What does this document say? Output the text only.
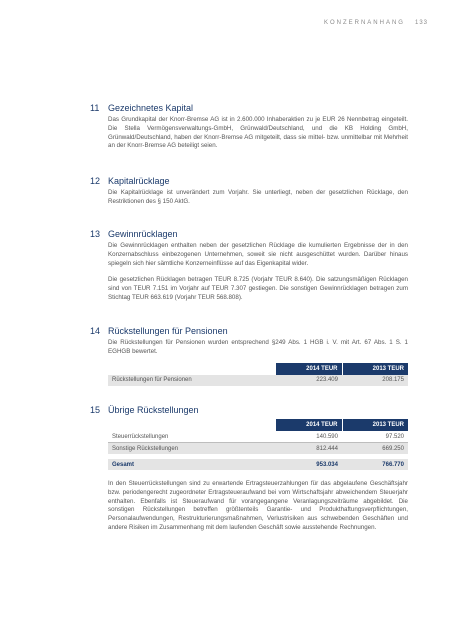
KONZERNANHANG 133
11 Gezeichnetes Kapital

Das Grundkapital der Knorr-Bremse AG ist in 2.600.000 Inhaberaktien zu je EUR 26 Nennbetrag eingeteilt. Die Stella Vermögensverwaltungs-GmbH, Grünwald/Deutschland, und die KB Holding GmbH, Grünwald/Deutschland, haben der Knorr-Bremse AG mitgeteilt, dass sie mittel- bzw. unmittelbar mit Mehrheit an der Knorr-Bremse AG beteiligt seien.

12 Kapitalrücklage

Die Kapitalrücklage ist unverändert zum Vorjahr. Sie unterliegt, neben der gesetzlichen Rücklage, den Restriktionen des § 150 AktG.

13 Gewinnrücklagen

Die Gewinnrücklagen enthalten neben der gesetzlichen Rücklage die kumulierten Ergebnisse der in den Konzernabschluss einbezogenen Unternehmen, soweit sie nicht ausgeschüttet wurden. Darüber hinaus spiegeln sich hier sämtliche Konzerneinflüsse auf das Eigenkapital wider.

Die gesetzlichen Rücklagen betragen TEUR 8.725 (Vorjahr TEUR 8.640). Die satzungsmäßigen Rücklagen sind von TEUR 7.151 im Vorjahr auf TEUR 7.307 gestiegen. Die sonstigen Gewinnrücklagen betragen zum Stichtag TEUR 663.619 (Vorjahr TEUR 568.808).

14 Rückstellungen für Pensionen

Die Rückstellungen für Pensionen wurden entsprechend §249 Abs. 1 HGB i. V. mit Art. 67 Abs. 1 S. 1 EGHGB bewertet.

	2014 TEUR	2013 TEUR
Rückstellungen für Pensionen	223.409	208.175
15 Übrige Rückstellungen
	2014 TEUR	2013 TEUR
Steuerrückstellungen	140.590	97.520
Sonstige Rückstellungen	812.444	669.250

Gesamt	953.034	766.770

In den Steuerrückstellungen sind zu erwartende Ertragsteuerzahlungen für das abgelaufene Geschäftsjahr bzw. periodengerecht zugeordneter Ertragsteueraufwand bei vom Wirtschaftsjahr abweichendem Steuerjahr enthalten. Ebenfalls ist Steueraufwand für vorangegangene Veranlagungszeiträume abgebildet. Die sonstigen Rückstellungen betreffen größtenteils Garantie- und Produkthaftungsverpflichtungen, Personalaufwendungen, Restrukturierungsmaßnahmen, Verlustrisiken aus schwebenden Geschäften und andere Risiken im Zusammenhang mit dem laufenden Geschäft sowie ausstehende Rechnungen.
